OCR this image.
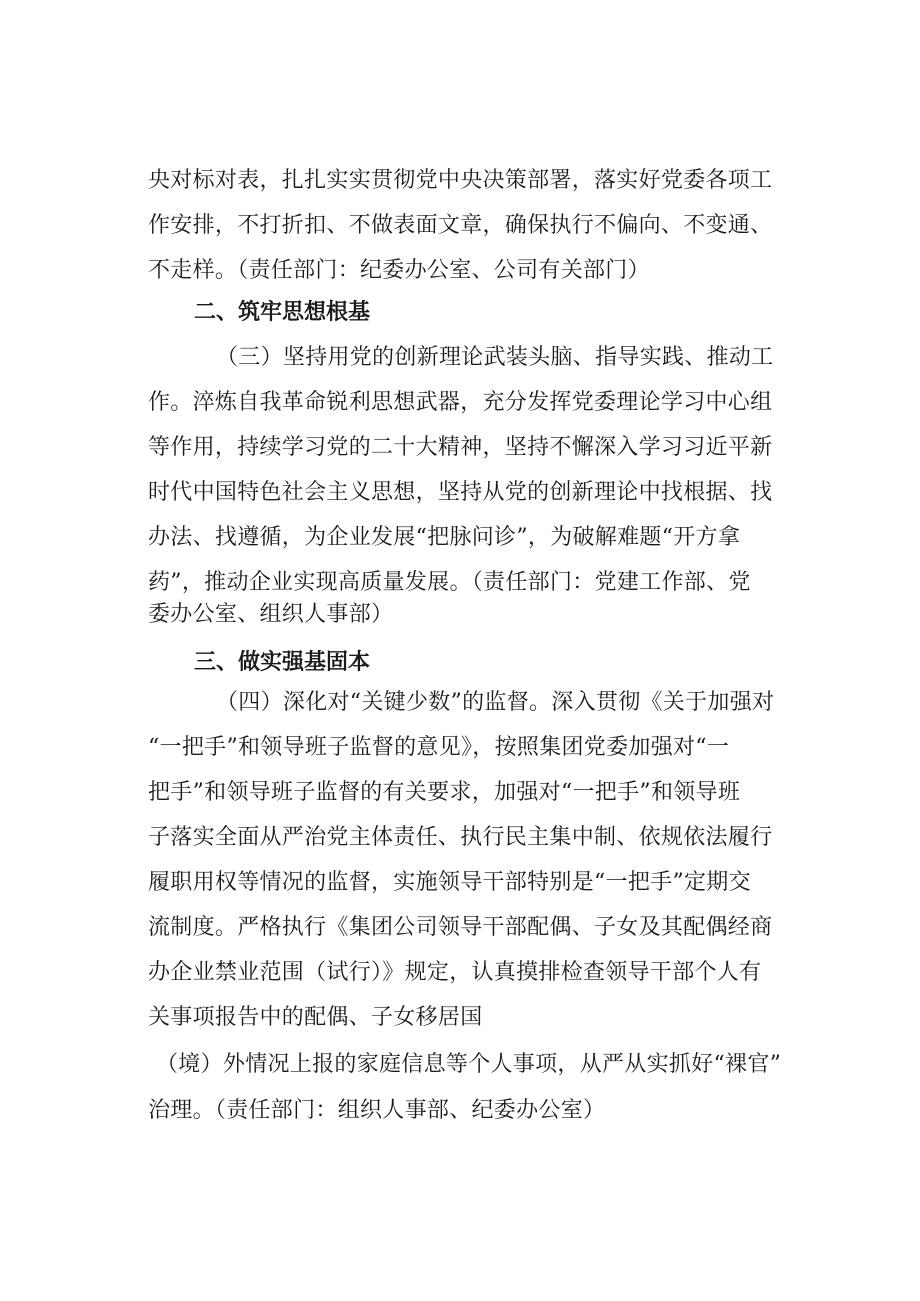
央对标对表，扎扎实实贯彻党中央决策部署，落实好党委各项工
作安排，不打折扣、不做表面文章，确保执行不偏向、不变通、
不走样。（责任部门：纪委办公室、公司有关部门）
二、筑牢思想根基
（三）坚持用党的创新理论武装头脑、指导实践、推动工
作。淬炼自我革命锐利思想武器，充分发挥党委理论学习中心组
等作用，持续学习党的二十大精神，坚持不懈深入学习习近平新
时代中国特色社会主义思想，坚持从党的创新理论中找根据、找
办法、找遵循，为企业发展“把脉问诊”，为破解难题“开方拿
药”，推动企业实现高质量发展。（责任部门：党建工作部、党
委办公室、组织人事部）
三、做实强基固本
（四）深化对“关键少数”的监督。深入贯彻《关于加强对
“一把手”和领导班子监督的意见》，按照集团党委加强对“一
把手”和领导班子监督的有关要求，加强对“一把手”和领导班
子落实全面从严治党主体责任、执行民主集中制、依规依法履行
履职用权等情况的监督，实施领导干部特别是“一把手”定期交
流制度。严格执行《集团公司领导干部配偶、子女及其配偶经商
办企业禁业范围（试行）》规定，认真摸排检查领导干部个人有
关事项报告中的配偶、子女移居国
（境）外情况上报的家庭信息等个人事项，从严从实抓好“裸官”
治理。（责任部门：组织人事部、纪委办公室）
